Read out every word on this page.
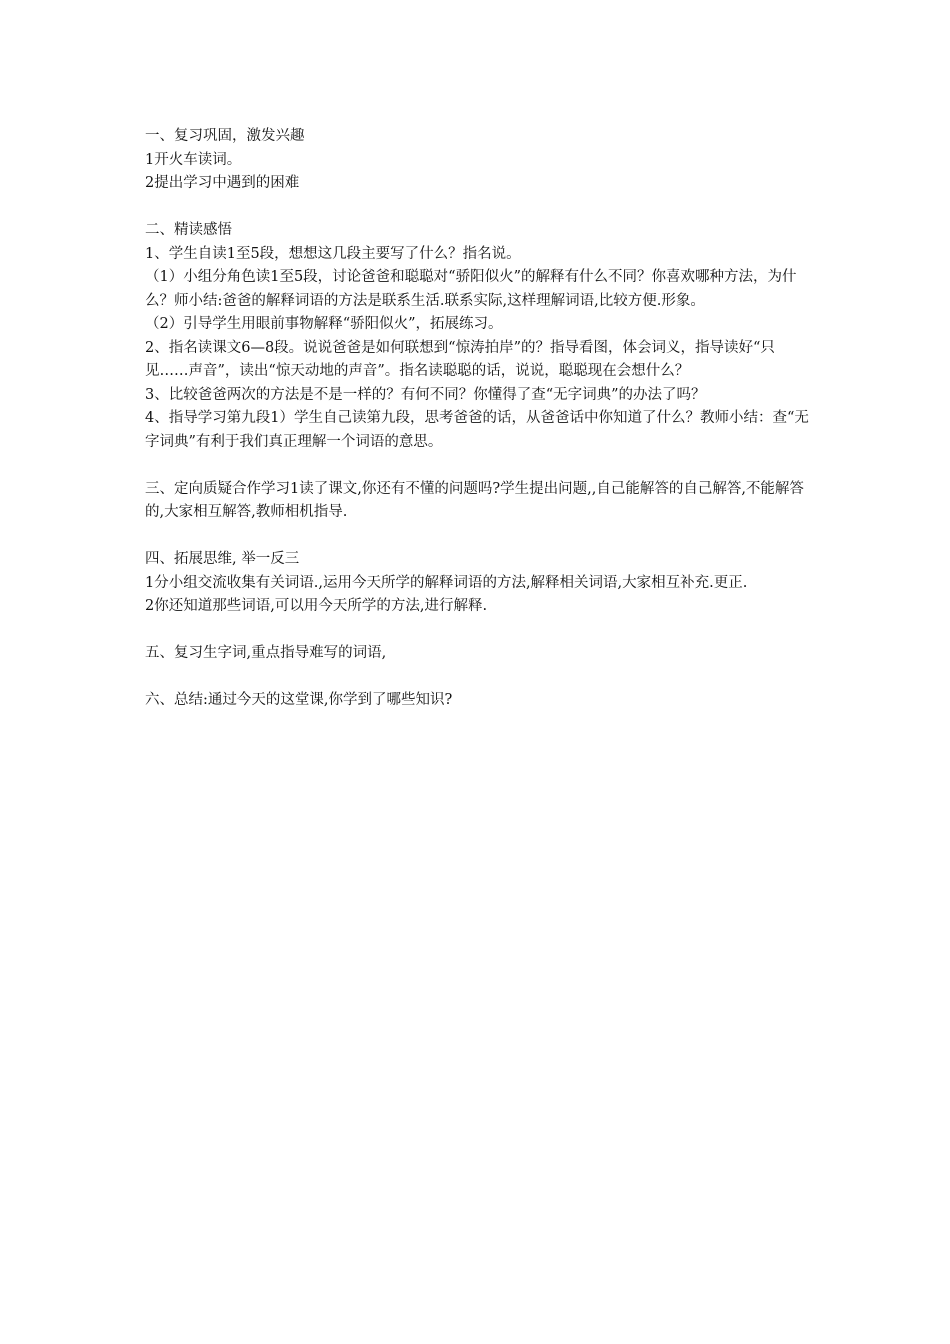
一、复习巩固，激发兴趣

1开火车读词。

2提出学习中遇到的困难

二、精读感悟

1、学生自读1至5段，想想这几段主要写了什么？指名说。

（1）小组分角色读1至5段，讨论爸爸和聪聪对“骄阳似火”的解释有什么不同？你喜欢哪种方法，为什么？师小结:爸爸的解释词语的方法是联系生活.联系实际,这样理解词语,比较方便.形象。

（2）引导学生用眼前事物解释“骄阳似火”，拓展练习。

2、指名读课文6—8段。说说爸爸是如何联想到“惊涛拍岸”的？指导看图，体会词义，指导读好“只见……声音”，读出“惊天动地的声音”。指名读聪聪的话，说说，聪聪现在会想什么？

3、比较爸爸两次的方法是不是一样的？有何不同？你懂得了查“无字词典”的办法了吗？

4、指导学习第九段1）学生自己读第九段，思考爸爸的话，从爸爸话中你知道了什么？教师小结：查“无字词典”有利于我们真正理解一个词语的意思。

三、定向质疑合作学习1读了课文,你还有不懂的问题吗?学生提出问题,,自己能解答的自己解答,不能解答的,大家相互解答,教师相机指导.

四、拓展思维, 举一反三

1分小组交流收集有关词语.,运用今天所学的解释词语的方法,解释相关词语,大家相互补充.更正.

2你还知道那些词语,可以用今天所学的方法,进行解释.

五、复习生字词,重点指导难写的词语,

六、总结:通过今天的这堂课,你学到了哪些知识?
